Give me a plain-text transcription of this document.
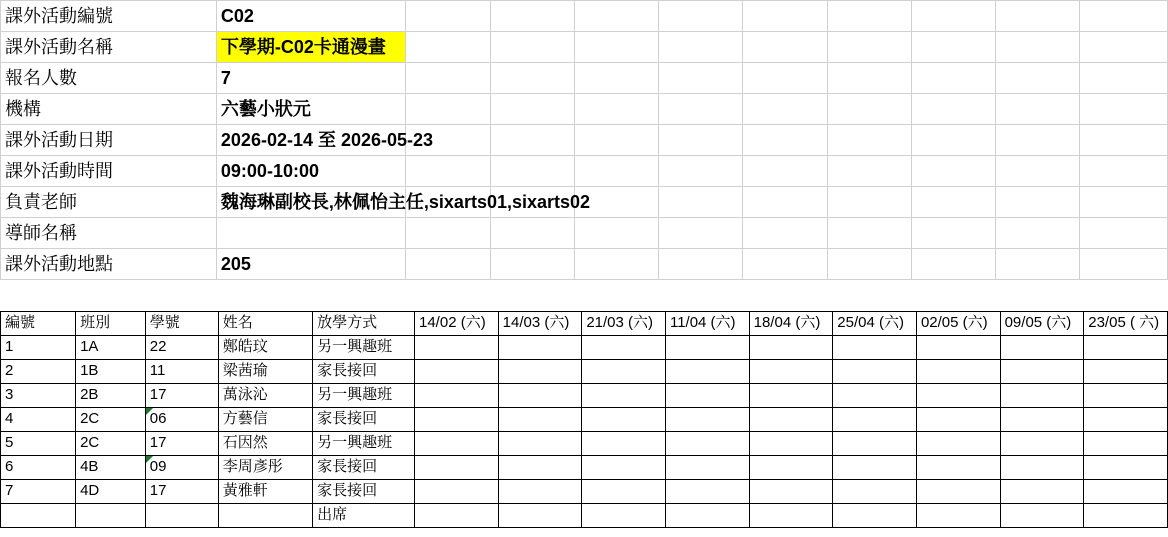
課外活動編號	C02									
課外活動名稱	下學期-C02卡通漫畫									
報名人數	7									
機構	六藝小狀元									
課外活動日期	2026-02-14 至 2026-05-23									
課外活動時間	09:00-10:00									
負責老師	魏海琳副校長,林佩怡主任,sixarts01,sixarts02									
導師名稱										
課外活動地點	205									

編號	班別	學號	姓名	放學方式	14/02 (六)	14/03 (六)	21/03 (六)	11/04 (六)	18/04 (六)	25/04 (六)	02/05 (六)	09/05 (六)	23/05 ( 六)
1	1A	22	鄭皓玟	另一興趣班									
2	1B	11	梁茜瑜	家長接回									
3	2B	17	萬泳沁	另一興趣班									
4	2C	06	方藝信	家長接回									
5	2C	17	石因然	另一興趣班									
6	4B	09	李周彥彤	家長接回									
7	4D	17	黃雅軒	家長接回									
				出席									
